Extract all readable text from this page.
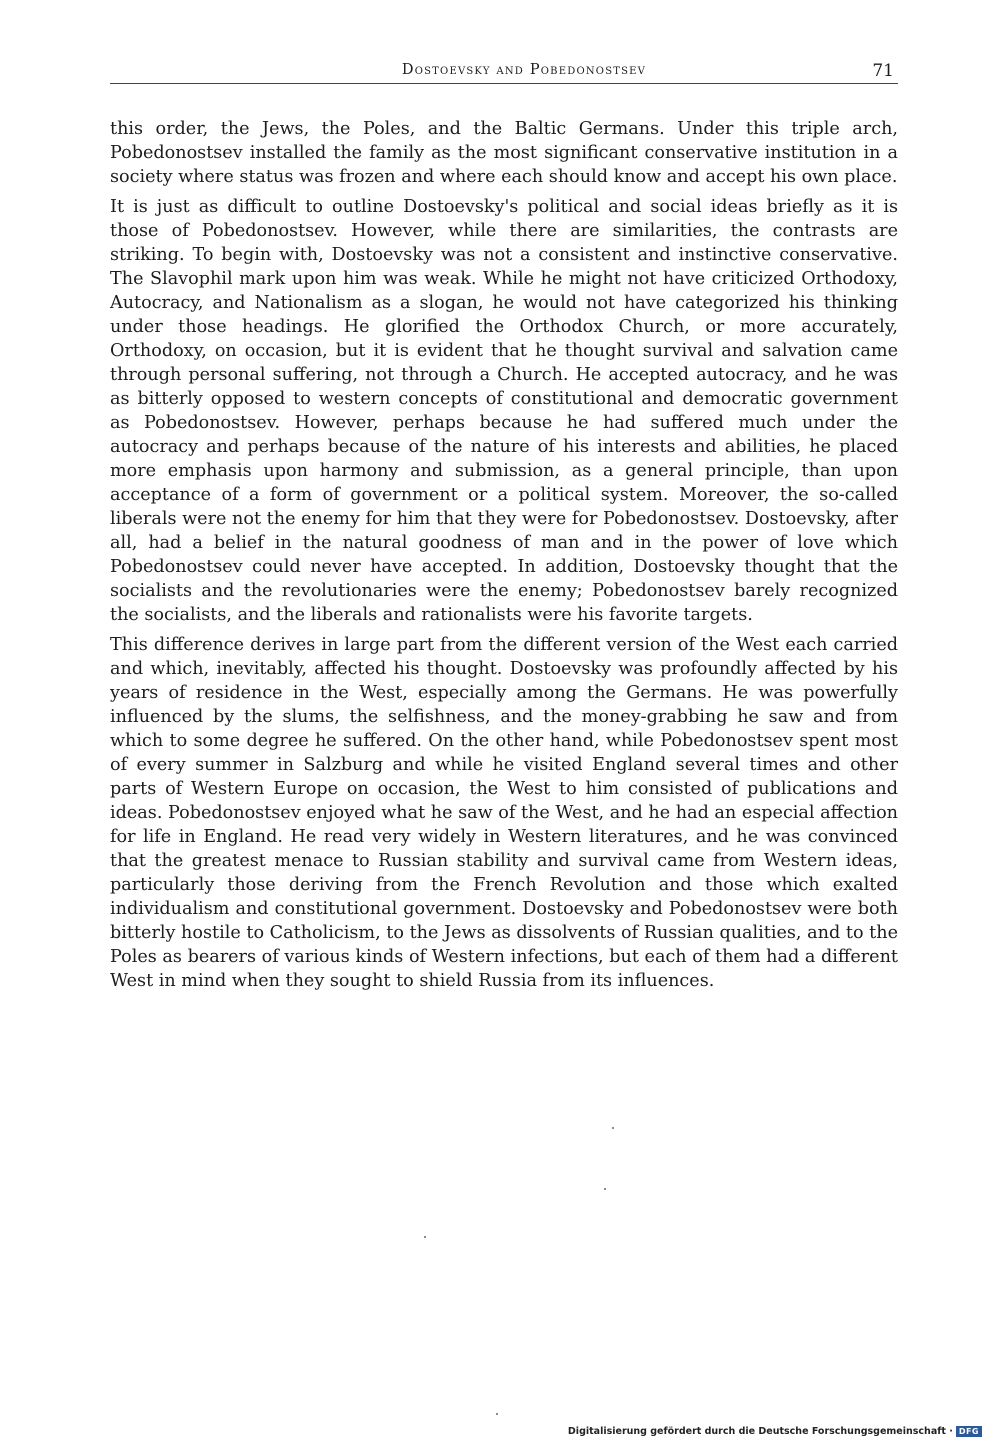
Dostoevsky and Pobedonostsev	71

this order, the Jews, the Poles, and the Baltic Germans. Under this triple arch, Pobedonostsev installed the family as the most significant conservative institution in a society where status was frozen and where each should know and accept his own place.

It is just as difficult to outline Dostoevsky's political and social ideas briefly as it is those of Pobedonostsev. However, while there are similarities, the contrasts are striking. To begin with, Dostoevsky was not a consistent and instinctive conservative. The Slavophil mark upon him was weak. While he might not have criticized Orthodoxy, Autocracy, and Nationalism as a slogan, he would not have categorized his thinking under those headings. He glorified the Orthodox Church, or more accurately, Orthodoxy, on occasion, but it is evident that he thought survival and salvation came through personal suffering, not through a Church. He accepted autocracy, and he was as bitterly opposed to western concepts of constitutional and democratic government as Pobedonostsev. However, perhaps because he had suffered much under the autocracy and perhaps because of the nature of his interests and abilities, he placed more emphasis upon harmony and submission, as a general principle, than upon acceptance of a form of government or a political system. Moreover, the so-called liberals were not the enemy for him that they were for Pobedonostsev. Dostoevsky, after all, had a belief in the natural goodness of man and in the power of love which Pobedonostsev could never have accepted. In addition, Dostoevsky thought that the socialists and the revolutionaries were the enemy; Pobedonostsev barely recognized the socialists, and the liberals and rationalists were his favorite targets.

This difference derives in large part from the different version of the West each carried and which, inevitably, affected his thought. Dostoevsky was profoundly affected by his years of residence in the West, especially among the Germans. He was powerfully influenced by the slums, the selfishness, and the money-grabbing he saw and from which to some degree he suffered. On the other hand, while Pobedonostsev spent most of every summer in Salzburg and while he visited England several times and other parts of Western Europe on occasion, the West to him consisted of publications and ideas. Pobedonostsev enjoyed what he saw of the West, and he had an especial affection for life in England. He read very widely in Western literatures, and he was convinced that the greatest menace to Russian stability and survival came from Western ideas, particularly those deriving from the French Revolution and those which exalted individualism and constitutional government. Dostoevsky and Pobedonostsev were both bitterly hostile to Catholicism, to the Jews as dissolvents of Russian qualities, and to the Poles as bearers of various kinds of Western infections, but each of them had a different West in mind when they sought to shield Russia from its influences.

Digitalisierung gefördert durch die Deutsche Forschungsgemeinschaft · DFG
